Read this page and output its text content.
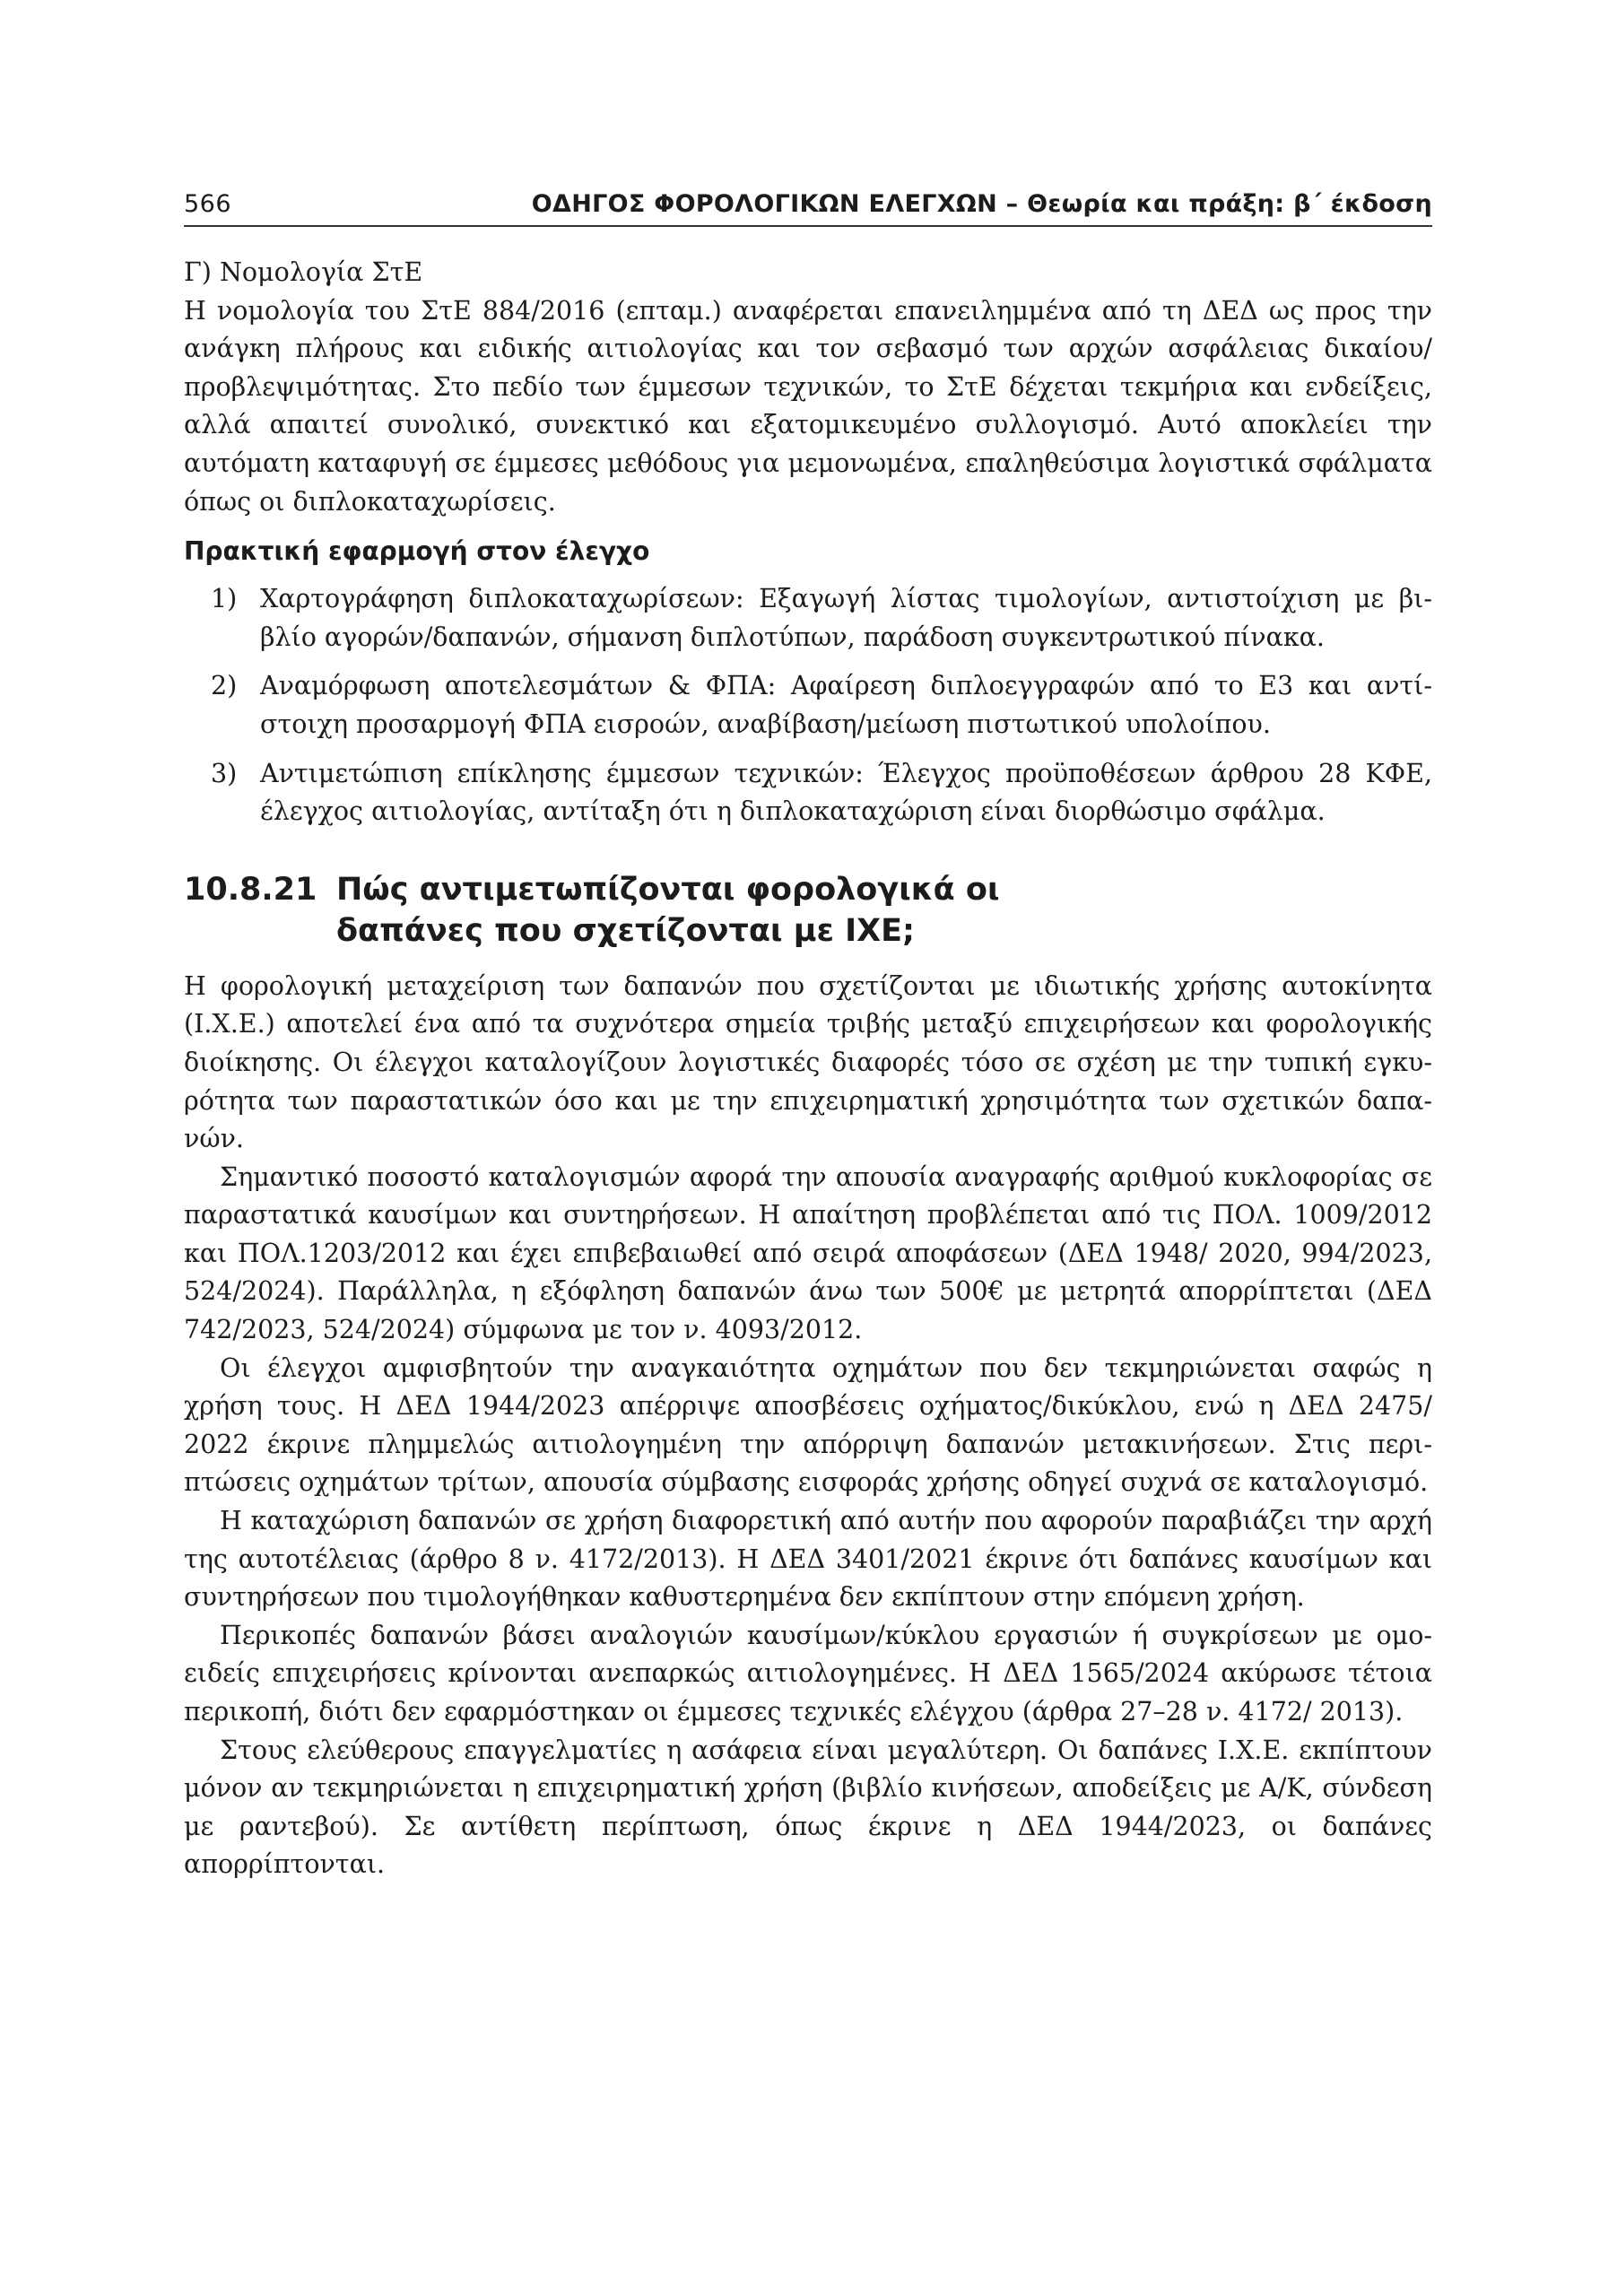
566	ΟΔΗΓΟΣ ΦΟΡΟΛΟΓΙΚΩΝ ΕΛΕΓΧΩΝ – Θεωρία και πράξη: β΄ έκδοση

Γ) Νομολογία ΣτΕ

Η νομολογία του ΣτΕ 884/2016 (επταμ.) αναφέρεται επανειλημμένα από τη ΔΕΔ ως προς την ανάγκη πλήρους και ειδικής αιτιολογίας και τον σεβασμό των αρχών ασφάλειας δικαίου/προβλεψιμότητας. Στο πεδίο των έμμεσων τεχνικών, το ΣτΕ δέχεται τεκμήρια και ενδείξεις, αλλά απαιτεί συνολικό, συνεκτικό και εξατομικευμένο συλλογισμό. Αυτό αποκλείει την αυτόματη καταφυγή σε έμμεσες μεθόδους για μεμονωμένα, επαληθεύσιμα λογιστικά σφάλματα όπως οι διπλοκαταχωρίσεις.

Πρακτική εφαρμογή στον έλεγχο
1) Χαρτογράφηση διπλοκαταχωρίσεων: Εξαγωγή λίστας τιμολογίων, αντιστοίχιση με βιβλίο αγορών/δαπανών, σήμανση διπλοτύπων, παράδοση συγκεντρωτικού πίνακα.
2) Αναμόρφωση αποτελεσμάτων & ΦΠΑ: Αφαίρεση διπλοεγγραφών από το Ε3 και αντίστοιχη προσαρμογή ΦΠΑ εισροών, αναβίβαση/μείωση πιστωτικού υπολοίπου.
3) Αντιμετώπιση επίκλησης έμμεσων τεχνικών: Έλεγχος προϋποθέσεων άρθρου 28 ΚΦΕ, έλεγχος αιτιολογίας, αντίταξη ότι η διπλοκαταχώριση είναι διορθώσιμο σφάλμα.
10.8.21 Πώς αντιμετωπίζονται φορολογικά οι δαπάνες που σχετίζονται με ΙΧΕ;

Η φορολογική μεταχείριση των δαπανών που σχετίζονται με ιδιωτικής χρήσης αυτοκίνητα (Ι.Χ.Ε.) αποτελεί ένα από τα συχνότερα σημεία τριβής μεταξύ επιχειρήσεων και φορολογικής διοίκησης. Οι έλεγχοι καταλογίζουν λογιστικές διαφορές τόσο σε σχέση με την τυπική εγκυρότητα των παραστατικών όσο και με την επιχειρηματική χρησιμότητα των σχετικών δαπανών.

Σημαντικό ποσοστό καταλογισμών αφορά την απουσία αναγραφής αριθμού κυκλοφορίας σε παραστατικά καυσίμων και συντηρήσεων. Η απαίτηση προβλέπεται από τις ΠΟΛ. 1009/2012 και ΠΟΛ.1203/2012 και έχει επιβεβαιωθεί από σειρά αποφάσεων (ΔΕΔ 1948/ 2020, 994/2023, 524/2024). Παράλληλα, η εξόφληση δαπανών άνω των 500€ με μετρητά απορρίπτεται (ΔΕΔ 742/2023, 524/2024) σύμφωνα με τον ν. 4093/2012.

Οι έλεγχοι αμφισβητούν την αναγκαιότητα οχημάτων που δεν τεκμηριώνεται σαφώς η χρήση τους. Η ΔΕΔ 1944/2023 απέρριψε αποσβέσεις οχήματος/δικύκλου, ενώ η ΔΕΔ 2475/ 2022 έκρινε πλημμελώς αιτιολογημένη την απόρριψη δαπανών μετακινήσεων. Στις περιπτώσεις οχημάτων τρίτων, απουσία σύμβασης εισφοράς χρήσης οδηγεί συχνά σε καταλογισμό.

Η καταχώριση δαπανών σε χρήση διαφορετική από αυτήν που αφορούν παραβιάζει την αρχή της αυτοτέλειας (άρθρο 8 ν. 4172/2013). Η ΔΕΔ 3401/2021 έκρινε ότι δαπάνες καυσίμων και συντηρήσεων που τιμολογήθηκαν καθυστερημένα δεν εκπίπτουν στην επόμενη χρήση.

Περικοπές δαπανών βάσει αναλογιών καυσίμων/κύκλου εργασιών ή συγκρίσεων με ομοειδείς επιχειρήσεις κρίνονται ανεπαρκώς αιτιολογημένες. Η ΔΕΔ 1565/2024 ακύρωσε τέτοια περικοπή, διότι δεν εφαρμόστηκαν οι έμμεσες τεχνικές ελέγχου (άρθρα 27–28 ν. 4172/ 2013).

Στους ελεύθερους επαγγελματίες η ασάφεια είναι μεγαλύτερη. Οι δαπάνες Ι.Χ.Ε. εκπίπτουν μόνον αν τεκμηριώνεται η επιχειρηματική χρήση (βιβλίο κινήσεων, αποδείξεις με Α/Κ, σύνδεση με ραντεβού). Σε αντίθετη περίπτωση, όπως έκρινε η ΔΕΔ 1944/2023, οι δαπάνες απορρίπτονται.
